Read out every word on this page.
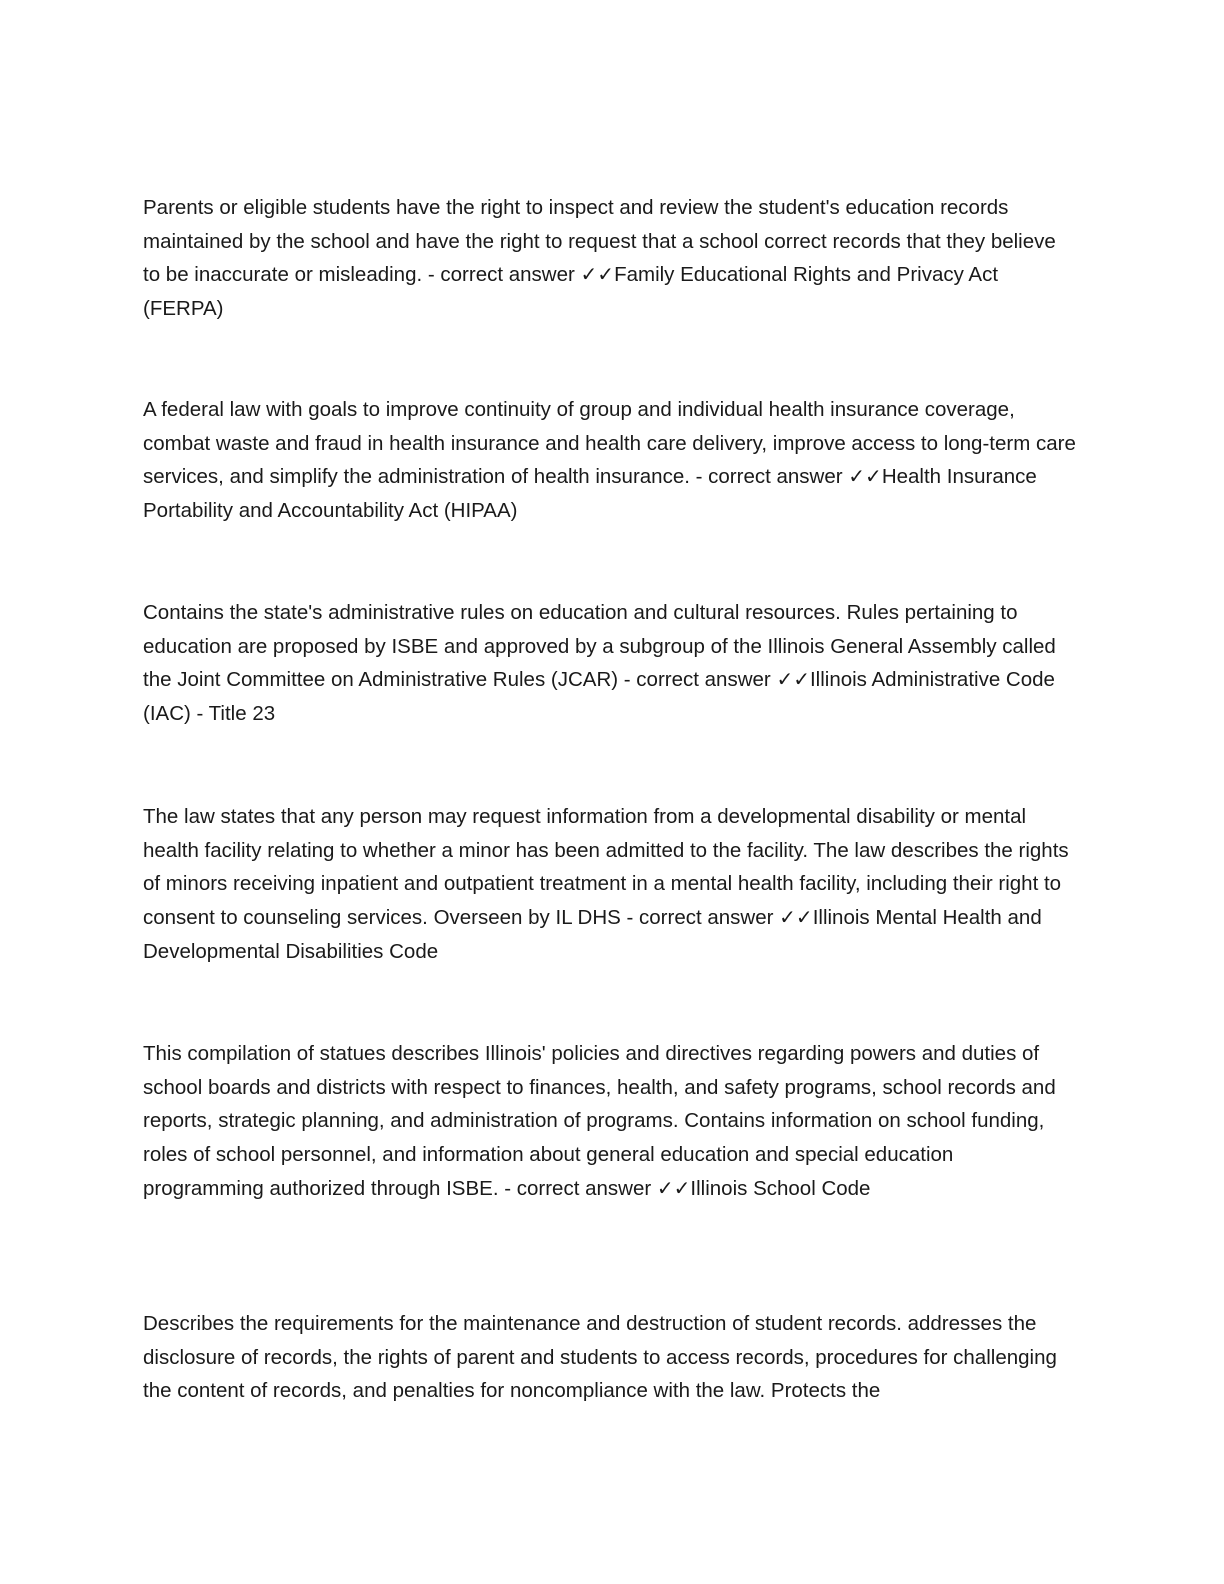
Parents or eligible students have the right to inspect and review the student's education records maintained by the school and have the right to request that a school correct records that they believe to be inaccurate or misleading. - correct answer ✓✓Family Educational Rights and Privacy Act (FERPA)

A federal law with goals to improve continuity of group and individual health insurance coverage, combat waste and fraud in health insurance and health care delivery, improve access to long-term care services, and simplify the administration of health insurance. - correct answer ✓✓Health Insurance Portability and Accountability Act (HIPAA)

Contains the state's administrative rules on education and cultural resources. Rules pertaining to education are proposed by ISBE and approved by a subgroup of the Illinois General Assembly called the Joint Committee on Administrative Rules (JCAR) - correct answer ✓✓Illinois Administrative Code (IAC) - Title 23

The law states that any person may request information from a developmental disability or mental health facility relating to whether a minor has been admitted to the facility. The law describes the rights of minors receiving inpatient and outpatient treatment in a mental health facility, including their right to consent to counseling services. Overseen by IL DHS - correct answer ✓✓Illinois Mental Health and Developmental Disabilities Code

This compilation of statues describes Illinois' policies and directives regarding powers and duties of school boards and districts with respect to finances, health, and safety programs, school records and reports, strategic planning, and administration of programs. Contains information on school funding, roles of school personnel, and information about general education and special education programming authorized through ISBE. - correct answer ✓✓Illinois School Code

Describes the requirements for the maintenance and destruction of student records. addresses the disclosure of records, the rights of parent and students to access records, procedures for challenging the content of records, and penalties for noncompliance with the law. Protects the
